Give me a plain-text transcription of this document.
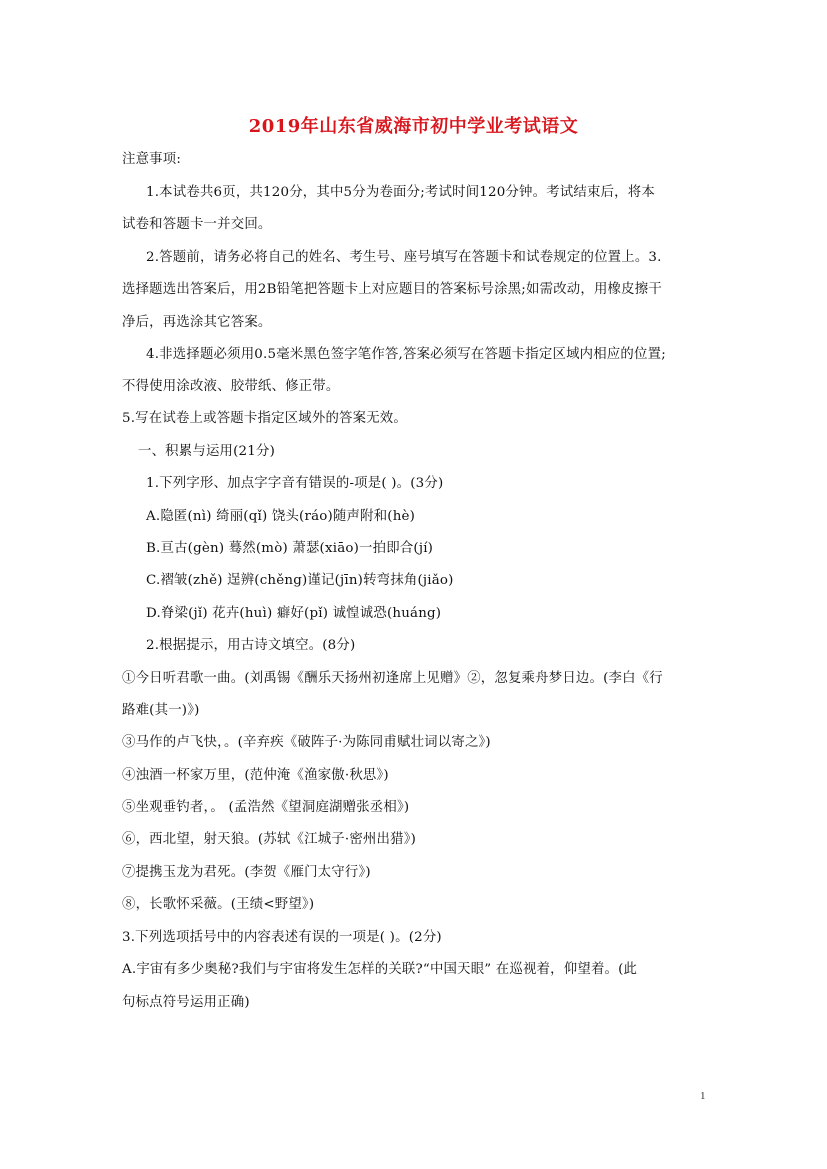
2019年山东省威海市初中学业考试语文
注意事项:
1.本试卷共6页，共120分，其中5分为卷面分;考试时间120分钟。考试结束后，将本
试卷和答题卡一并交回。
2.答题前，请务必将自己的姓名、考生号、座号填写在答题卡和试卷规定的位置上。3.
选择题选出答案后，用2B铅笔把答题卡上对应题目的答案标号涂黑;如需改动，用橡皮擦干
净后，再选涂其它答案。
4.非选择题必须用0.5毫米黑色签字笔作答,答案必须写在答题卡指定区域内相应的位置;
不得使用涂改液、胶带纸、修正带。
5.写在试卷上或答题卡指定区域外的答案无效。
一、积累与运用(21分)
1.下列字形、加点字字音有错误的-项是( )。(3分)
A.隐匿(nì) 绮丽(qǐ) 饶头(ráo)随声附和(hè)
B.亘古(gèn) 蓦然(mò) 萧瑟(xiāo)一拍即合(jí)
C.褶皱(zhě) 逞辨(chěng)谨记(jīn)转弯抹角(jiǎo)
D.脊梁(jǐ) 花卉(huì) 癖好(pǐ) 诚惶诚恐(huáng)
2.根据提示，用古诗文填空。(8分)
①今日听君歌一曲。(刘禹锡《酬乐天扬州初逢席上见赠》②，忽复乘舟梦日边。(李白《行
路难(其一)》)
③马作的卢飞快，。(辛弃疾《破阵子·为陈同甫赋壮词以寄之》)
④浊酒一杯家万里，(范仲淹《渔家傲·秋思》)
⑤坐观垂钓者，。 (孟浩然《望洞庭湖赠张丞相》)
⑥，西北望，射天狼。(苏轼《江城子·密州出猎》)
⑦提携玉龙为君死。(李贺《雁门太守行》)
⑧，长歌怀采薇。(王绩<野望》)
3.下列选项括号中的内容表述有误的一项是( )。(2分)
A.宇宙有多少奥秘?我们与宇宙将发生怎样的关联?“中国天眼” 在巡视着，仰望着。(此
句标点符号运用正确)
1
